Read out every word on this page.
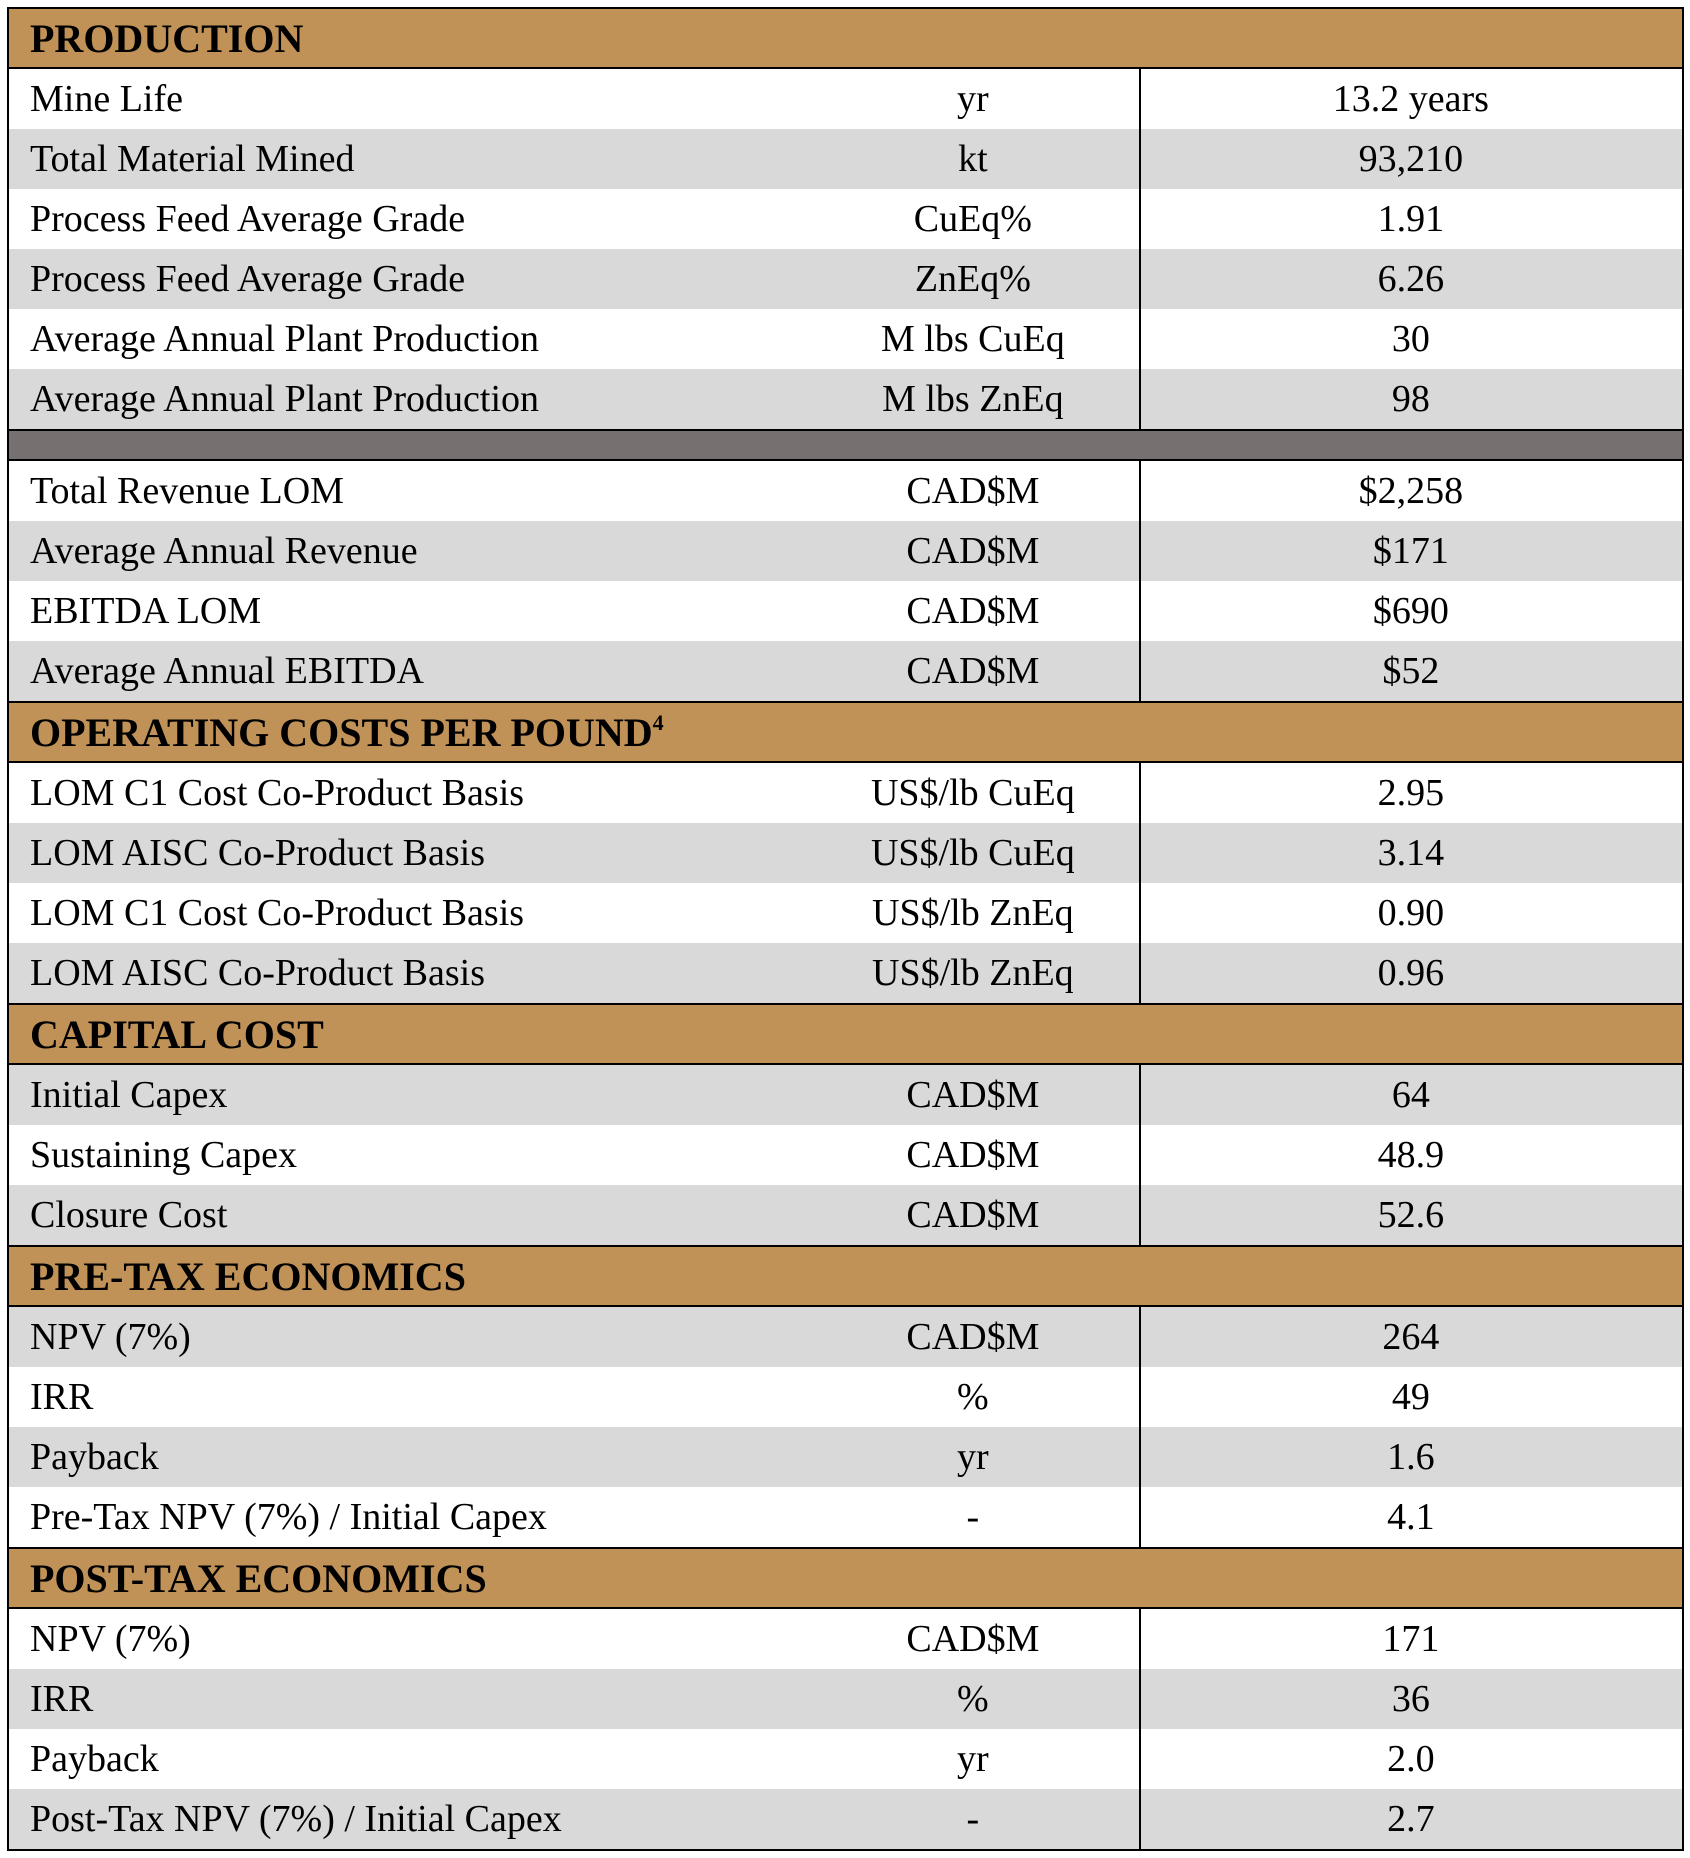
PRODUCTION
Mine Life	yr	13.2 years
Total Material Mined	kt	93,210
Process Feed Average Grade	CuEq%	1.91
Process Feed Average Grade	ZnEq%	6.26
Average Annual Plant Production	M lbs CuEq	30
Average Annual Plant Production	M lbs ZnEq	98
Total Revenue LOM	CAD$M	$2,258
Average Annual Revenue	CAD$M	$171
EBITDA LOM	CAD$M	$690
Average Annual EBITDA	CAD$M	$52
OPERATING COSTS PER POUND$^4$
LOM C1 Cost Co-Product Basis	US$/lb CuEq	2.95
LOM AISC Co-Product Basis	US$/lb CuEq	3.14
LOM C1 Cost Co-Product Basis	US$/lb ZnEq	0.90
LOM AISC Co-Product Basis	US$/lb ZnEq	0.96
CAPITAL COST
Initial Capex	CAD$M	64
Sustaining Capex	CAD$M	48.9
Closure Cost	CAD$M	52.6
PRE-TAX ECONOMICS
NPV (7%)	CAD$M	264
IRR	%	49
Payback	yr	1.6
Pre-Tax NPV (7%) / Initial Capex	-	4.1
POST-TAX ECONOMICS
NPV (7%)	CAD$M	171
IRR	%	36
Payback	yr	2.0
Post-Tax NPV (7%) / Initial Capex	-	2.7
